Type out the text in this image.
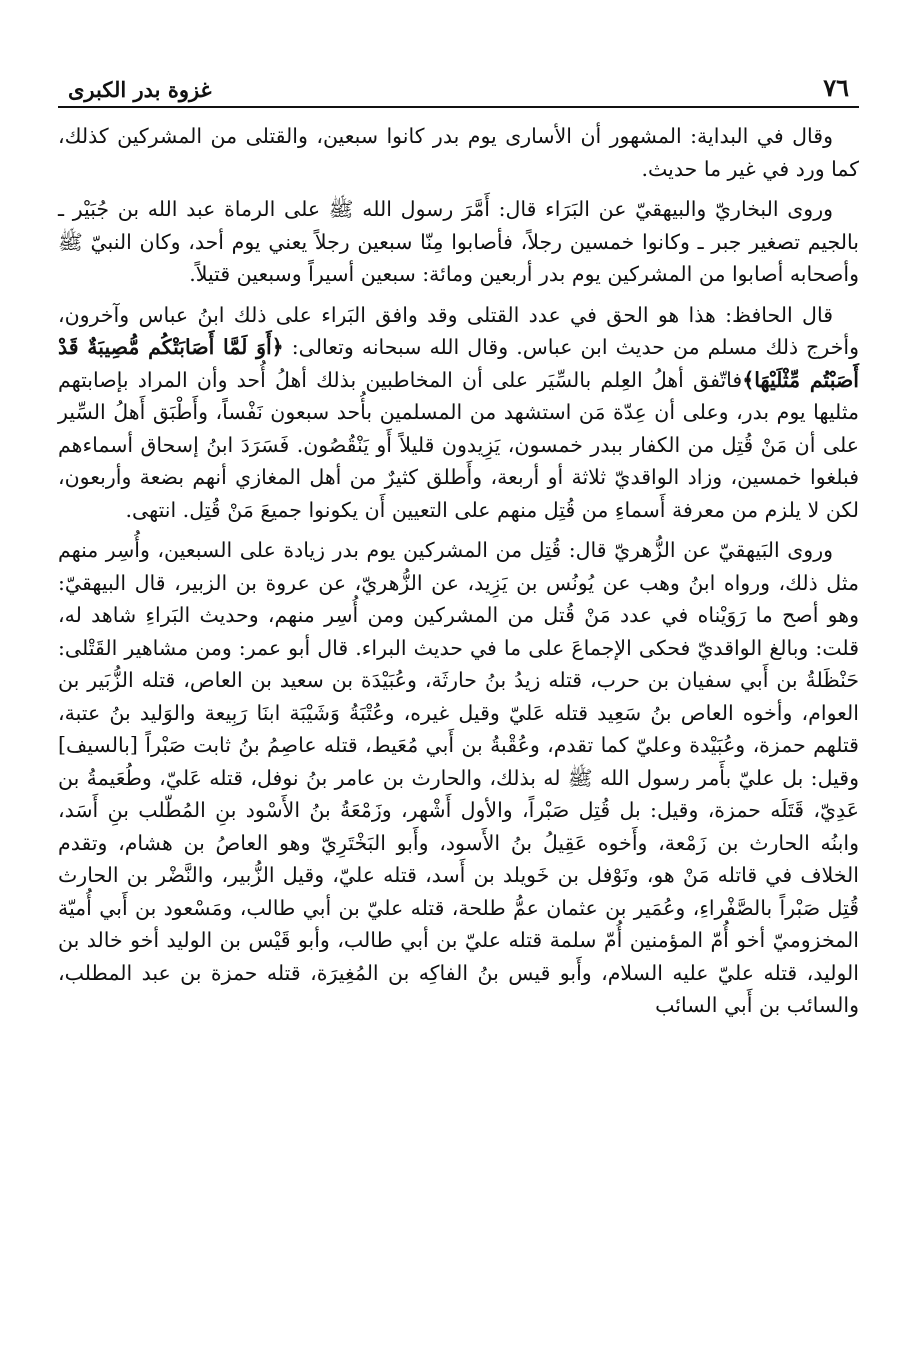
٧٦
غزوة بدر الكبرى

وقال في البداية: المشهور أن الأسارى يوم بدر كانوا سبعين، والقتلى من المشركين كذلك، كما ورد في غير ما حديث.

وروى البخاريّ والبيهقيّ عن البَرَاء قال: أَمَّرَ رسول الله ﷺ على الرماة عبد الله بن جُبَيْر ـ بالجيم تصغير جبر ـ وكانوا خمسين رجلاً، فأصابوا مِنّا سبعين رجلاً يعني يوم أحد، وكان النبيّ ﷺ وأصحابه أصابوا من المشركين يوم بدر أربعين ومائة: سبعين أسيراً وسبعين قتيلاً.

قال الحافظ: هذا هو الحق في عدد القتلى وقد وافق البَراء على ذلك ابنُ عباس وآخرون، وأخرج ذلك مسلم من حديث ابن عباس. وقال الله سبحانه وتعالى: ﴿أَوَ لَمَّا أَصَابَتْكُم مُّصِيبَةٌ قَدْ أَصَبْتُم مِّثْلَيْهَا﴾فاتّفق أهلُ العِلم بالسِّيَر على أن المخاطبين بذلك أهلُ أُحد وأن المراد بإصابتهم مثليها يوم بدر، وعلى أن عِدّة مَن استشهد من المسلمين بأُحد سبعون نَفْساً، وأَطْبَق أَهلُ السِّير على أن مَنْ قُتِل من الكفار ببدر خمسون، يَزِيدون قليلاً أَو يَنْقُصُون. فَسَرَدَ ابنُ إسحاق أسماءهم فبلغوا خمسين، وزاد الواقديّ ثلاثة أو أربعة، وأَطلق كثيرٌ من أهل المغازي أنهم بضعة وأربعون، لكن لا يلزم من معرفة أَسماءِ من قُتِل منهم على التعيين أَن يكونوا جميعَ مَنْ قُتِل. انتهى.

وروى البَيهقيّ عن الزُّهريّ قال: قُتِل من المشركين يوم بدر زيادة على السبعين، وأُسِر منهم مثل ذلك، ورواه ابنُ وهب عن يُونُس بن يَزِيد، عن الزُّهريّ، عن عروة بن الزبير، قال البيهقيّ: وهو أصح ما رَوَيْناه في عدد مَنْ قُتل من المشركين ومن أُسِر منهم، وحديث البَراءِ شاهد له، قلت: وبالغ الواقديّ فحكى الإجماعَ على ما في حديث البراء. قال أبو عمر: ومن مشاهير القَتْلى: حَنْظَلةُ بن أَبي سفيان بن حرب، قتله زيدُ بنُ حارثَة، وعُبَيْدَة بن سعيد بن العاص، قتله الزُّبَير بن العوام، وأخوه العاص بنُ سَعِيد قتله عَليّ وقيل غيره، وعُتْبَةُ وَشَيْبَة ابنَا رَبِيعة والوَليد بنُ عتبة، قتلهم حمزة، وعُبَيْدة وعليّ كما تقدم، وعُقْبةُ بن أَبي مُعَيط، قتله عاصِمُ بنُ ثابت صَبْراً [بالسيف] وقيل: بل عليّ بأَمر رسول الله ﷺ له بذلك، والحارث بن عامر بنُ نوفل، قتله عَليّ، وطُعَيمةُ بن عَدِيّ، قَتَلَه حمزة، وقيل: بل قُتِل صَبْراً، والأول أَشْهر، وزَمْعَةُ بنُ الأَسْود بنِ المُطّلب بنِ أَسَد، وابنُه الحارث بن زَمْعة، وأَخوه عَقِيلُ بنُ الأَسود، وأَبو البَخْتَرِيّ وهو العاصُ بن هشام، وتقدم الخلاف في قاتله مَنْ هو، ونَوْفل بن خَويلد بن أَسد، قتله عليّ، وقيل الزُّبير، والنَّضْر بن الحارث قُتِل صَبْراً بالصَّفْراءِ، وعُمَير بن عثمان عمُّ طلحة، قتله عليّ بن أبي طالب، ومَسْعود بن أَبي أُميّة المخزوميّ أخو أُمّ المؤمنين أُمّ سلمة قتله عليّ بن أبي طالب، وأبو قَيْس بن الوليد أخو خالد بن الوليد، قتله عليّ عليه السلام، وأَبو قيس بنُ الفاكِه بن المُغِيرَة، قتله حمزة بن عبد المطلب، والسائب بن أَبي السائب
